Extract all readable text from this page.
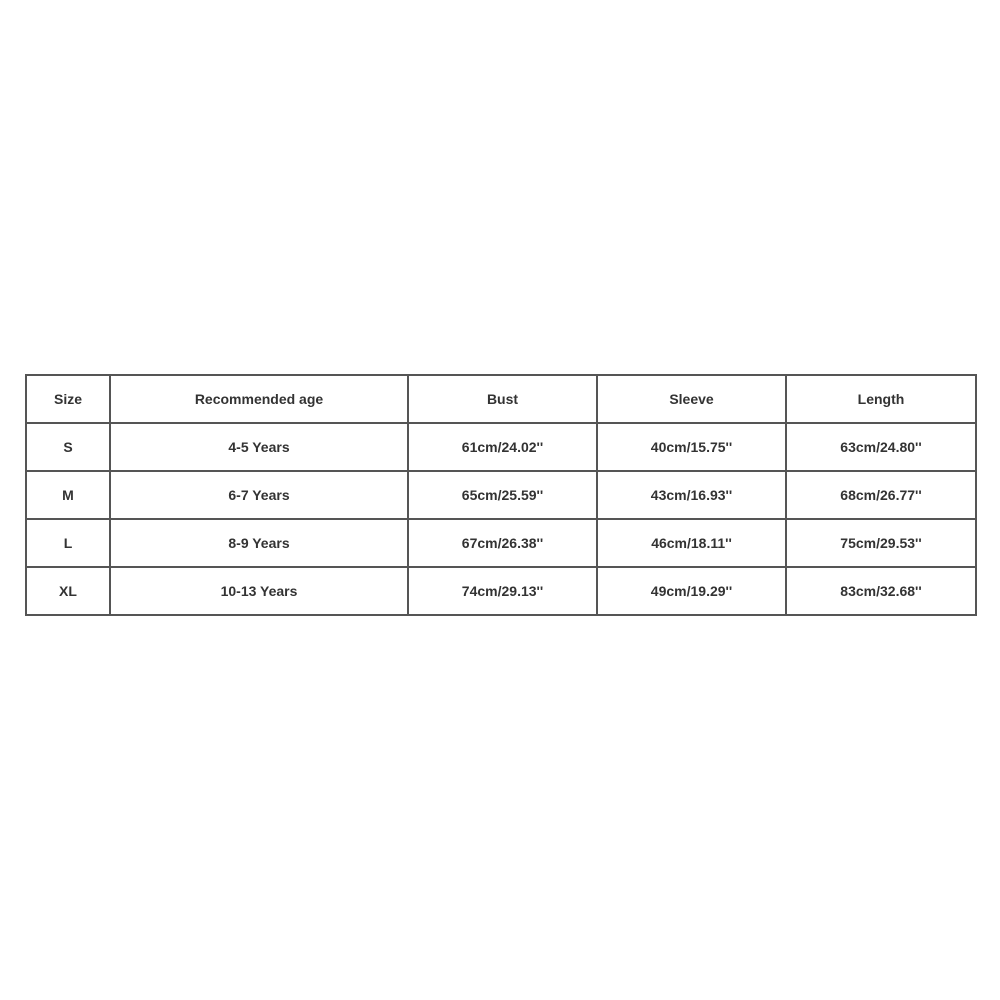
Size	Recommended age	Bust	Sleeve	Length
S	4-5 Years	61cm/24.02''	40cm/15.75''	63cm/24.80''
M	6-7 Years	65cm/25.59''	43cm/16.93''	68cm/26.77''
L	8-9 Years	67cm/26.38''	46cm/18.11''	75cm/29.53''
XL	10-13 Years	74cm/29.13''	49cm/19.29''	83cm/32.68''
